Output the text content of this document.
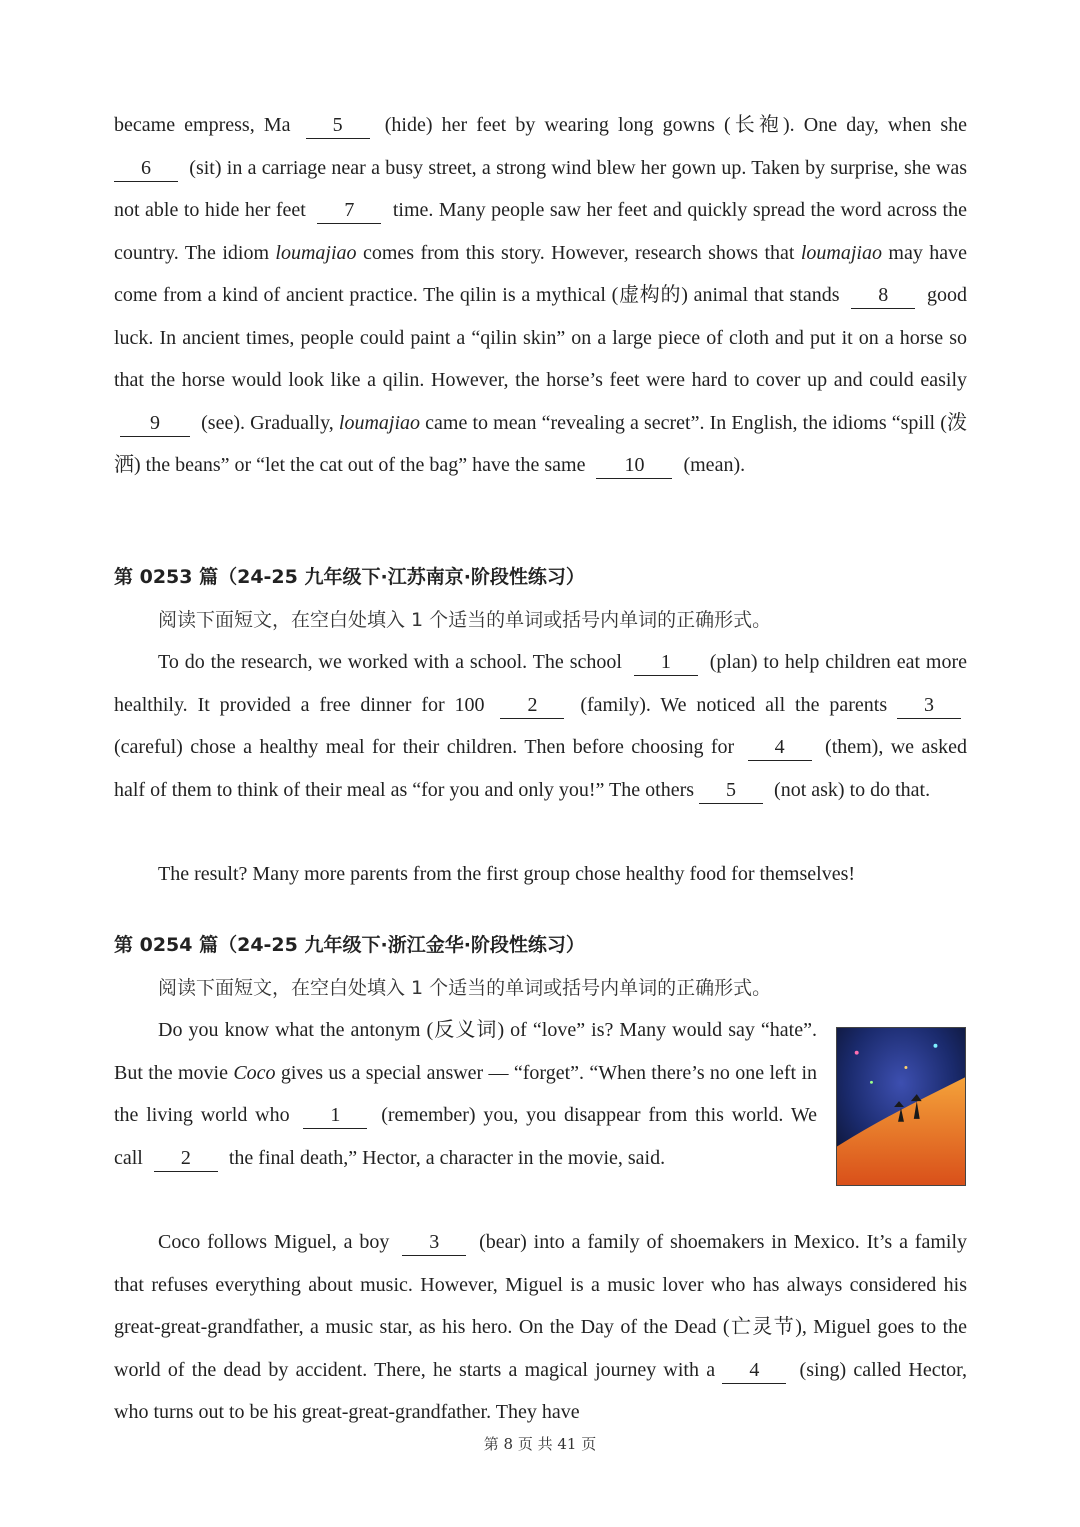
became empress, Ma 5 (hide) her feet by wearing long gowns (长袍). One day, when she 6 (sit) in a carriage near a busy street, a strong wind blew her gown up. Taken by surprise, she was not able to hide her feet 7 time. Many people saw her feet and quickly spread the word across the country. The idiom loumajiao comes from this story. However, research shows that loumajiao may have come from a kind of ancient practice. The qilin is a mythical (虚构的) animal that stands 8 good luck. In ancient times, people could paint a “qilin skin” on a large piece of cloth and put it on a horse so that the horse would look like a qilin. However, the horse’s feet were hard to cover up and could easily 9 (see). Gradually, loumajiao came to mean “revealing a secret”. In English, the idioms “spill (泼洒) the beans” or “let the cat out of the bag” have the same 10 (mean).

第 0253 篇（24-25 九年级下·江苏南京·阶段性练习）

阅读下面短文，在空白处填入 1 个适当的单词或括号内单词的正确形式。

To do the research, we worked with a school. The school 1 (plan) to help children eat more healthily. It provided a free dinner for 100 2 (family). We noticed all the parents 3 (careful) chose a healthy meal for their children. Then before choosing for 4 (them), we asked half of them to think of their meal as “for you and only you!” The others 5 (not ask) to do that.

The result? Many more parents from the first group chose healthy food for themselves!

第 0254 篇（24-25 九年级下·浙江金华·阶段性练习）

阅读下面短文，在空白处填入 1 个适当的单词或括号内单词的正确形式。

Do you know what the antonym (反义词) of “love” is? Many would say “hate”. But the movie Coco gives us a special answer — “forget”. “When there’s no one left in the living world who 1 (remember) you, you disappear from this world. We call 2 the final death,” Hector, a character in the movie, said.

Coco follows Miguel, a boy 3 (bear) into a family of shoemakers in Mexico. It’s a family that refuses everything about music. However, Miguel is a music lover who has always considered his great-great-grandfather, a music star, as his hero. On the Day of the Dead (亡灵节), Miguel goes to the world of the dead by accident. There, he starts a magical journey with a 4 (sing) called Hector, who turns out to be his great-great-grandfather. They have

第 8 页 共 41 页
